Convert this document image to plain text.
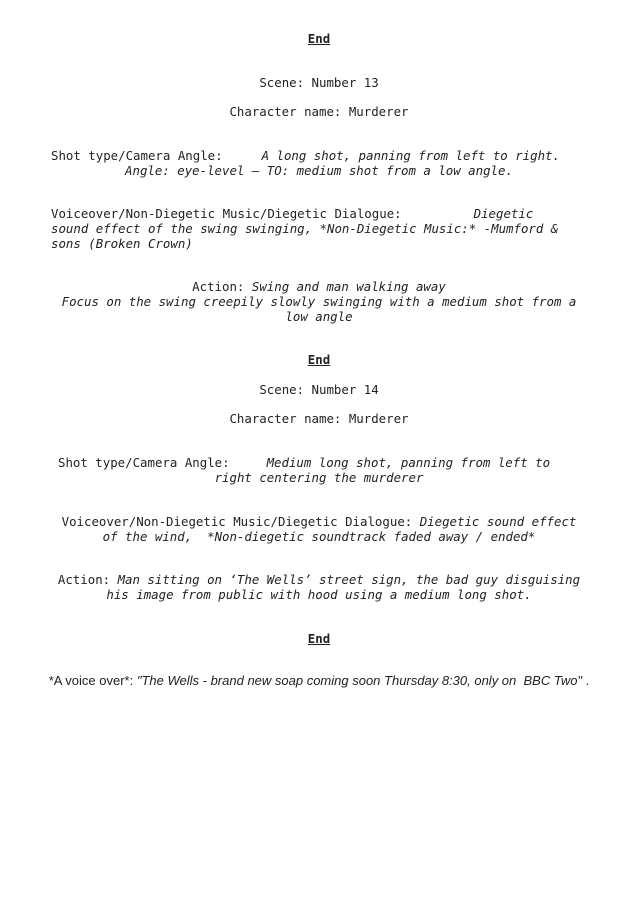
End
Scene: Number 13
Character name: Murderer
Shot type/Camera Angle:	A long shot, panning from left to right.
Angle: eye-level – TO: medium shot from a low angle.
Voiceover/Non-Diegetic Music/Diegetic Dialogue:	Diegetic
sound effect of the swing swinging, *Non-Diegetic Music:* -Mumford &
sons (Broken Crown)
Action: Swing and man walking away
Focus on the swing creepily slowly swinging with a medium shot from a
low angle
End
Scene: Number 14
Character name: Murderer
Shot type/Camera Angle:	Medium long shot, panning from left to
right centering the murderer
Voiceover/Non-Diegetic Music/Diegetic Dialogue: Diegetic sound effect
of the wind, *Non-diegetic soundtrack faded away / ended*
Action: Man sitting on ‘The Wells’ street sign, the bad guy disguising
his image from public with hood using a medium long shot.
End
*A voice over*: "The Wells - brand new soap coming soon Thursday 8:30, only on  BBC Two" .
